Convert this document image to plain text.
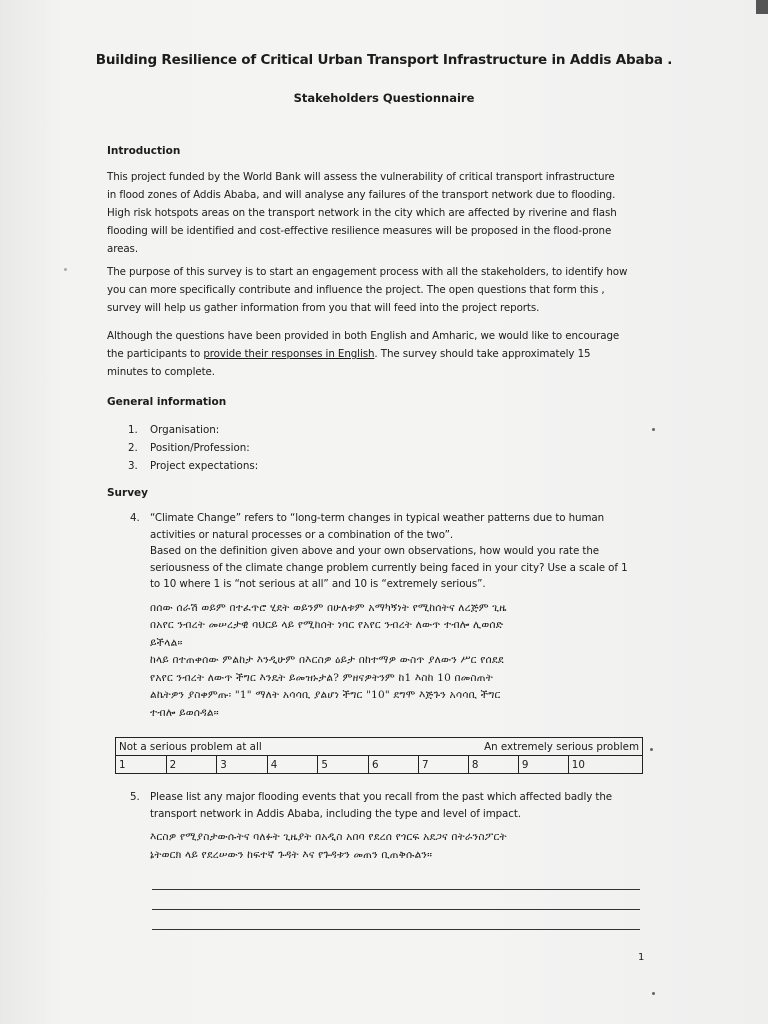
Building Resilience of Critical Urban Transport Infrastructure in Addis Ababa .
Stakeholders Questionnaire
Introduction
This project funded by the World Bank will assess the vulnerability of critical transport infrastructure
in flood zones of Addis Ababa, and will analyse any failures of the transport network due to flooding.
High risk hotspots areas on the transport network in the city which are affected by riverine and flash
flooding will be identified and cost-effective resilience measures will be proposed in the flood-prone
areas.
The purpose of this survey is to start an engagement process with all the stakeholders, to identify how
you can more specifically contribute and influence the project. The open questions that form this ,
survey will help us gather information from you that will feed into the project reports.
Although the questions have been provided in both English and Amharic, we would like to encourage
the participants to provide their responses in English. The survey should take approximately 15
minutes to complete.
General information
1.	Organisation:
2.	Position/Profession:
3.	Project expectations:
Survey
4. “Climate Change” refers to “long-term changes in typical weather patterns due to human
activities or natural processes or a combination of the two”.
Based on the definition given above and your own observations, how would you rate the
seriousness of the climate change problem currently being faced in your city? Use a scale of 1
to 10 where 1 is “not serious at all” and 10 is “extremely serious”.
በሰው ሰራሽ ወይም በተፈጥሮ ሂደት ወይንም በሁለቱም አማካኝነት የሚከሰትና ለረጅም ጊዜ
በአየር ንብረት መሠረታዊ ባህርይ ላይ የሚከሰት ነባር የአየር ንብረት ለውጥ ተብሎ ሊወሰድ
ይችላል።
ከላይ በተጠቀሰው ምልከታ እንዲሁም በእርስዎ ዕይታ በከተማዎ ውስጥ ያለውን ሥር የሰደደ
የአየር ንብረት ለውጥ ችግር እንዴት ይመዝኑታል? ምዘናዎትንም ከ1 እስከ 10 በመስጠት
ልኬትዎን ያስቀምጡ፡ "1" ማለት አሳሳቢ ያልሆነ ችግር "10" ደግሞ እጅጉን አሳሳቢ ችግር
ተብሎ ይወሰዳል።
Not a serious problem at all					An extremely serious problem				
1	2	3	4	5	6	7	8	9	10
5. Please list any major flooding events that you recall from the past which affected badly the
transport network in Addis Ababa, including the type and level of impact.
እርስዎ የሚያስታውሱትና ባለፉት ጊዜያት በአዲስ አበባ የደረሰ የጎርፍ አደጋና በትራንስፖርት
ኔትወርክ ላይ የደረሠውን ከፍተኛ ጉዳት እና የጉዳቱን መጠን ቢጠቅሱልን።
1
